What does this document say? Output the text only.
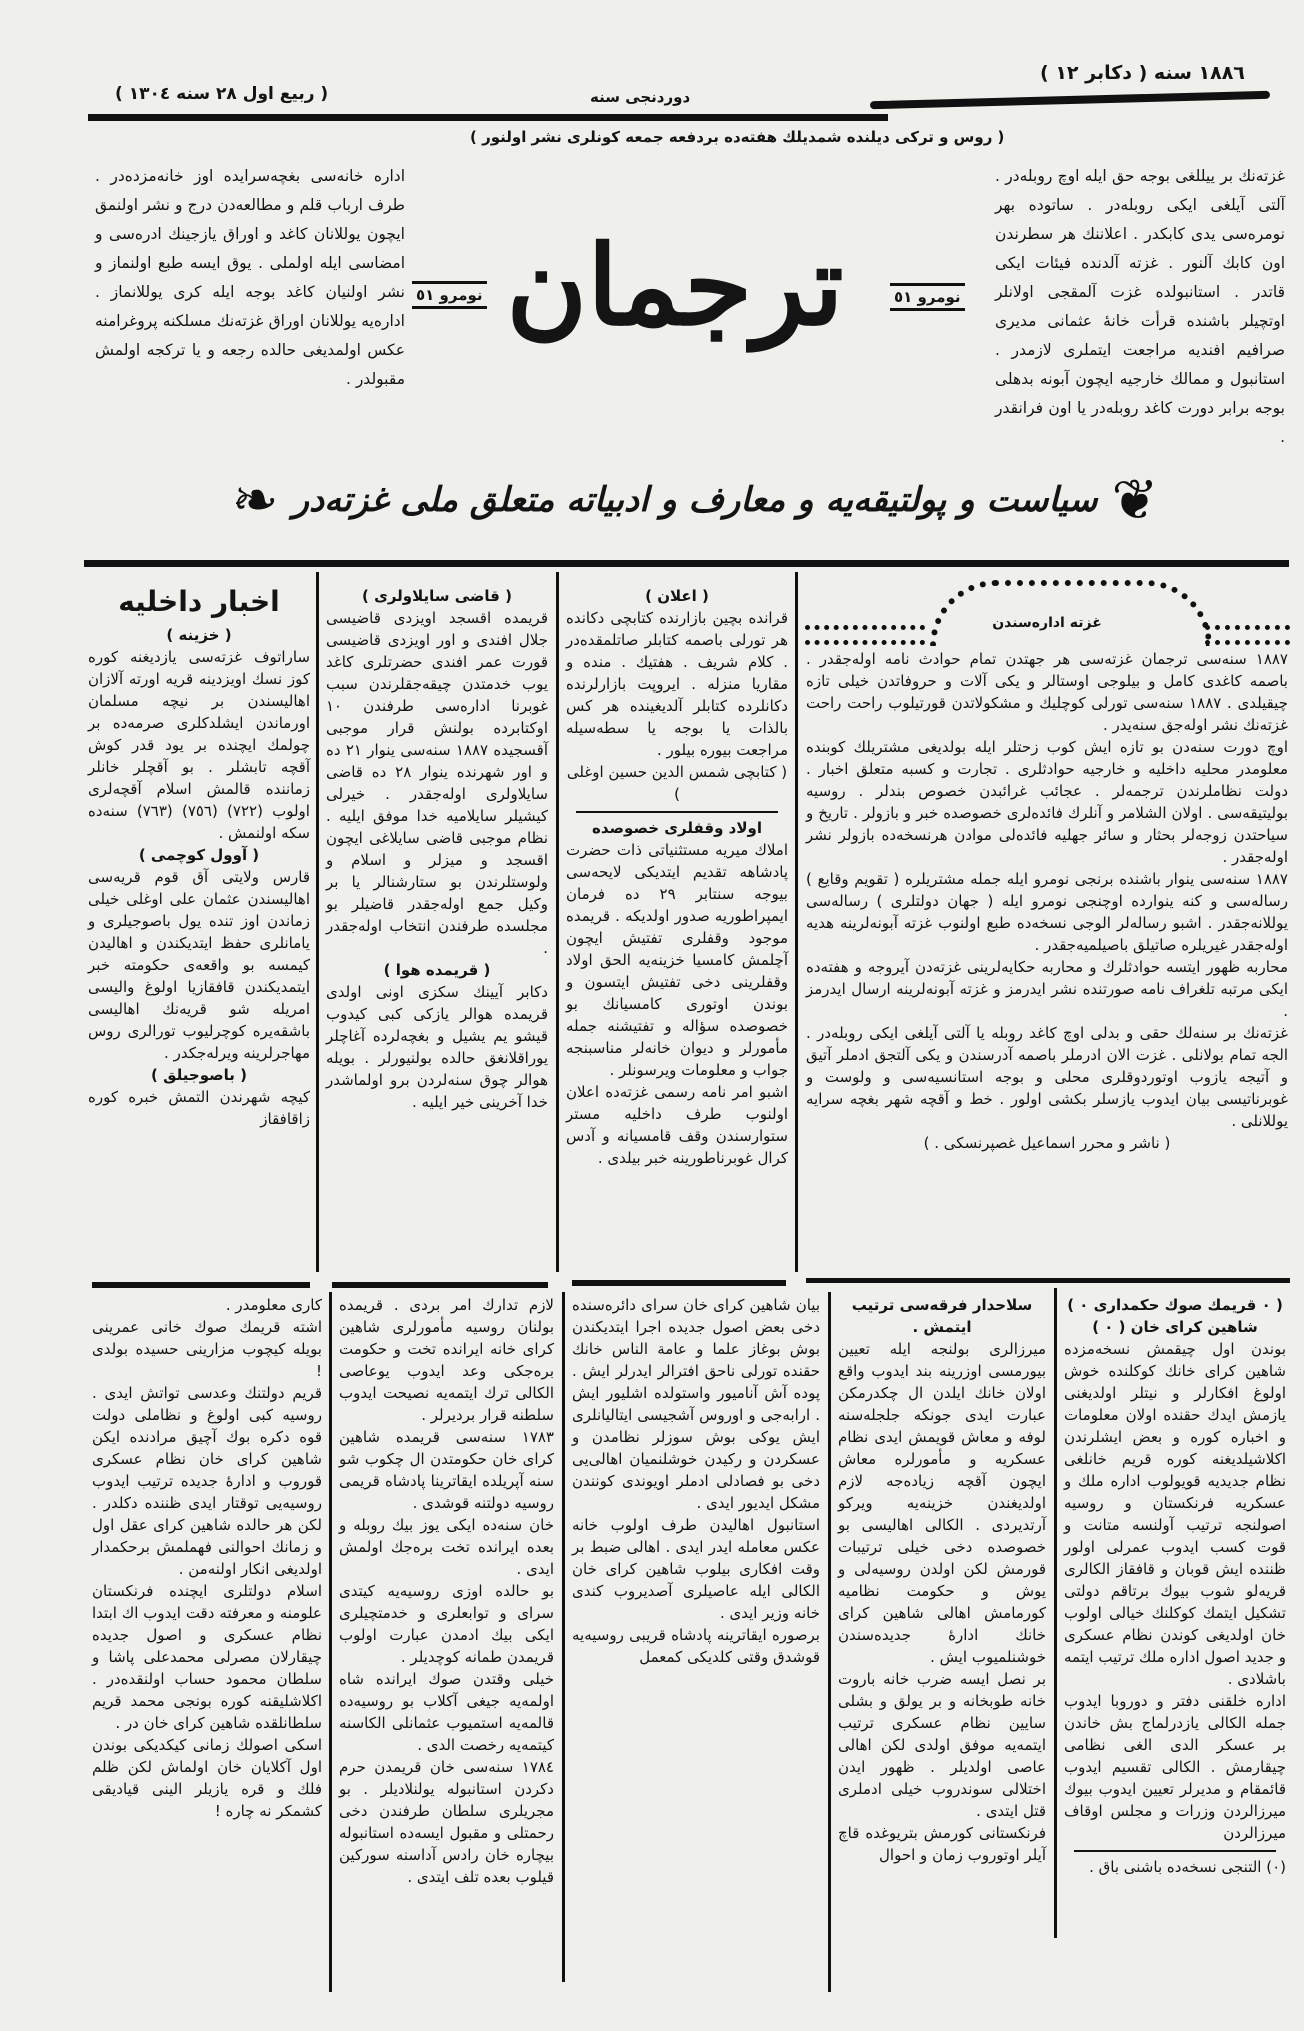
( ربیع اول ٢٨ سنه ١٣٠٤ )	دوردنجی سنه
١٨٨٦ سنه ( دکابر ١٢ )
( روس و ترکی دیلنده شمدیلك هفته‌ده بردفعه جمعه کونلری نشر اولنور )

اداره خانه‌سی بغچه‌سرایده اوز خانه‌مزده‌در . طرف ارباب قلم و مطالعه‌دن درج و نشر اولنمق ایچون یوللانان کاغد و اوراق یازجینك ادره‌سی و امضاسی ایله اولملی . یوق ایسه طبع اولنماز و نشر اولنیان کاغد بوجه ایله کری یوللانماز . اداره‌یه یوللانان اوراق غزته‌نك مسلکنه پروغرامنه عکس اولمدیغی حالده رجعه و یا ترکجه اولمش مقبولدر .

نومرو ٥١ ترجمان	نومرو ٥١

غزته‌نك بر ییللغی بوجه حق ایله اوچ روبله‌در . آلتی آیلغی ایکی روبله‌در . ساتوده بهر نومره‌سی یدی کابکدر . اعلاننك هر سطرندن اون کابك آلنور . غزته آلدنده فیئات ایکی قاتدر . استانبولده غزت آلمقجی اولانلر اوتچیلر باشنده قرأت خانهٔ عثمانی مدیری صرافیم افندیه مراجعت ایتملری لازمدر . استانبول و ممالك خارجیه ایچون آبونه بدهلی بوجه برابر دورت کاغد روبله‌در یا اون فرانقدر .

❦
سیاست و پولتیقه‌یه و معارف و ادبیاته متعلق ملی غزته‌در
❧

غزته اداره‌سندن

١٨٨٧ سنه‌سی ترجمان غزته‌سی هر جهتدن تمام حوادث نامه اوله‌جقدر . باصمه کاغدی کامل و بیلوجی اوستالر و یکی آلات و حروفاتدن خیلی تازه چیقیلدی . ١٨٨٧ سنه‌سی تورلی کوچلیك و مشکولاتدن قورتیلوب راحت راحت غزته‌نك نشر اوله‌جق سنه‌یدر .

اوچ دورت سنه‌دن بو تازه ایش کوب زحتلر ایله بولدیغی مشتریلك کوبنده معلومدر محلیه داخلیه و خارجیه حوادثلری . تجارت و کسبه متعلق اخبار . دولت نظاملرندن ترجمه‌لر . عجائب غرائبدن خصوص بندلر . روسیه بولیتیقه‌سی . اولان الشلامر و آنلرك فائده‌لری خصوصده خبر و بازولر . تاریخ و سیاحتدن زوجه‌لر بحثار و سائر جهلیه فائده‌لی موادن هرنسخه‌ده بازولر نشر اوله‌جقدر .

١٨٨٧ سنه‌سی ینوار باشنده برنجی نومرو ایله جمله مشتریلره ( تقویم وقایع ) رساله‌سی و کنه ینوارده اوچنجی نومرو ایله ( جهان دولتلری ) رساله‌سی یوللانه‌جقدر . اشبو رساله‌لر الوجی نسخه‌ده طبع اولنوب غزته آبونه‌لرینه هدیه اوله‌جقدر غیریلره صاتیلق باصیلمیه‌جقدر .

محاربه ظهور ایتسه حوادثلرك و محاربه حکایه‌لرینی غزته‌دن آیروجه و هفته‌ده ایکی مرتبه تلغراف نامه صورتنده نشر ایدرمز و غزته آبونه‌لرینه ارسال ایدرمز .

غزته‌نك بر سنه‌لك حقی و بدلی اوچ کاغد روبله یا آلتی آیلغی ایکی روبله‌در . الجه تمام بولانلی . غزت الان ادرملر باصمه آدرسندن و یکی آلتجق ادملر آتیق و آتیجه یازوب اوتوردوقلری محلی و بوجه استانسیه‌سی و ولوست و غوبرناتیسی بیان ایدوب یازسلر بکشی اولور . خط و آقچه شهر بغچه سرایه یوللانلی .

( ناشر و محرر اسماعیل غصپرنسکی . )

( اعلان )

قرانده بچین بازارنده کتابچی دکانده هر تورلی باصمه کتابلر صاتلمقده‌در . کلام شریف . هفتیك . منده و مقاریا منزله . ایروپت بازارلرنده دکانلرده کتابلر آلدیغینده هر کس بالذات یا بوجه یا سطه‌سیله مراجعت بیوره بیلور .

( کتابچی شمس الدین حسین اوغلی )

اولاد وقفلری خصوصده

املاك میریه مستثنیاتی ذات حضرت پادشاهه تقدیم ایتدیکی لایحه‌سی بیوجه سنتابر ٢٩ ده فرمان ایمپراطوریه صدور اولدیکه . قریمده موجود وقفلری تفتیش ایچون آچلمش کامسیا خزینه‌یه الحق اولاد وقفلرینی دخی تفتیش ایتسون و بوندن اوتوری کامسیانك بو خصوصده سؤاله و تفتیشنه جمله مأمورلر و دیوان خانه‌لر مناسبنجه جواب و معلومات ویرسونلر .

اشبو امر نامه رسمی غزته‌ده اعلان اولنوب طرف داخلیه مستر ستوارسندن وقف قامسیانه و آدس کرال غوبرناطورینه خبر بیلدی .

( قاضی سایلاولری )

قریمده اقسجد اویزدی قاضیسی جلال افندی و اور اویزدی قاضیسی قورت عمر افندی حضرتلری کاغد یوب خدمتدن چیقه‌جقلرندن سبب غوبرنا اداره‌سی طرفندن ١٠ اوکتابرده بولنش قرار موجبی آقسجیده ١٨٨٧ سنه‌سی ینوار ٢١ ده و اور شهرنده ینوار ٢٨ ده قاضی سایلاولری اوله‌جقدر . خیرلی کیشیلر سایلامیه خدا موفق ایلیه . نظام موجبی قاضی سایلاغی ایچون اقسجد و میزلر و اسلام و ولوستلرندن بو ستارشنالر یا بر وکیل جمع اوله‌جقدر قاضیلر بو مجلسده طرفندن انتخاب اوله‌جقدر .

( قریمده هوا )

دکابر آیینك سکزی اونی اولدی قریمده هوالر یازکی کبی کیدوب قیشو یم یشیل و بغچه‌لرده آغاچلر یوراقلانغق حالده بولنیورلر . بویله هوالر چوق سنه‌لردن برو اولماشدر خدا آخرینی خیر ایلیه .

اخبار داخلیه

( خزینه )

ساراتوف غزته‌سی یازدیغنه کوره کوز نسك اویزدینه قریه اورته آلازان اهالیسندن بر نیچه مسلمان اورماندن ایشلدکلری صرمه‌ده بر چولمك ایچنده بر یود قدر کوش آقچه تابشلر . بو آقچلر خانلر زماننده قالمش اسلام آقچه‌لری اولوب (٧٢٢) (٧٥٦) (٧٦٣) سنه‌ده سکه اولنمش .

( آوول کوچمی )

قارس ولایتی آق قوم قریه‌سی اهالیسندن عثمان علی اوغلی خیلی زماندن اوز تنده یول باصوجیلری و یامانلری حفظ ایتدیکندن و اهالیدن کیمسه بو واقعه‌ی حکومته خبر ایتمدیکندن قافقازیا اولوغ والیسی امریله شو قریه‌نك اهالیسی باشقه‌یره کوچرلیوب تورالری روس مهاجرلرینه ویرله‌جکدر .

( باصوجیلق )

کیچه شهرندن التمش خبره کوره زاقافقاز

( ٠ قریمك صوك حکمداری ٠ )

شاهین کرای خان ( ٠ )

بوندن اول چیقمش نسخه‌مزده شاهین کرای خانك کوکلنده خوش اولوغ افکارلر و نیتلر اولدیغنی یازمش ایدك حقنده اولان معلومات و اخباره کوره و بعض ایشلرندن اکلاشیلدیغنه کوره قریم خانلغی نظام جدیدیه قویولوب اداره ملك و عسکریه فرنکستان و روسیه اصولنجه ترتیب آولنسه متانت و قوت کسب ایدوب عمرلی اولور ظننده ایش قوبان و قافقاز الکالری قریه‌لو شوب بیوك برتاقم دولتی تشکیل ایتمك کوکلنك خیالی اولوب خان اولدیغی کوندن نظام عسکری و جدید اصول اداره ملك ترتیب ایتمه باشلادی .

اداره خلقنی دفتر و دوروبا ایدوب جمله الکالی یازدرلماج بش خاندن بر عسکر الدی الغی نظامی چیقارمش . الکالی تقسیم ایدوب قائمقام و مدیرلر تعیین ایدوب بیوك میرزالردن وزرات و مجلس اوقاف میرزالردن

(٠) التنجی نسخه‌ده باشنی باق .

سلاحدار فرقه‌سی ترتیب ایتمش .

میرزالری بولنجه ایله تعیین بیورمسی اوزرینه بند ایدوب واقع اولان خانك ایلدن ال چکدرمکن عبارت ایدی جونکه جلجله‌سنه لوفه و معاش قویمش ایدی نظام عسکریه و مأمورلره معاش ایچون آقچه زیاده‌جه لازم اولدیغندن خزینه‌یه ویرکو آرتدیردی . الکالی اهالیسی بو خصوصده دخی خیلی ترتیبات قورمش لکن اولدن روسیه‌لی و یوش و حکومت نظامیه کورمامش اهالی شاهین کرای خانك ادارهٔ جدیده‌سندن خوشنلمیوب ایش .

بر نصل ایسه ضرب خانه باروت خانه طوبخانه و بر یولق و بشلی سایین نظام عسکری ترتیب ایتمه‌یه موفق اولدی لکن اهالی عاصی اولدیلر . ظهور ایدن اختلالی سوندروب خیلی ادملری قتل ایتدی .

فرنکستانی کورمش بتریوغده قاچ آیلر اوتوروب زمان و احوال

بیان شاهین کرای خان سرای دائره‌سنده دخی بعض اصول جدیده اجرا ایتدیکندن بوش بوغاز علما و عامة الناس خانك حقنده تورلی ناحق افترالر ایدرلر ایش . پوده آش آنامیور واستولده اشلیور ایش . ارابه‌جی و اوروس آشجیسی ایتالیانلری ایش یوکی بوش سوزلر نظامدن و عسکردن و رکیدن خوشلنمیان اهالی‌یی دخی بو فصادلی ادملر اویوندی کونندن مشکل ایدیور ایدی .

استانبول اهالیدن طرف اولوب خانه عکس معامله ایدر ایدی . اهالی ضبط بر وقت افکاری بیلوب شاهین کرای خان الکالی ایله عاصیلری آصدیروب کندی خانه وزیر ایدی .

برصوره ایقاترینه پادشاه قریبی روسیه‌یه قوشدق وقتی کلدیکی کمعمل

لازم تدارك امر بردی . قریمده بولنان روسیه مأمورلری شاهین کرای خانه ایرانده تخت و حکومت بره‌جکی وعد ایدوب یوعاصی الکالی ترك ایتمه‌یه نصیحت ایدوب سلطنه قرار بردیرلر .

١٧٨٣ سنه‌سی قریمده شاهین کرای خان حکومتدن ال چکوب شو سنه آپریلده ایقاترینا پادشاه قریمی روسیه دولتنه قوشدی .

خان سنه‌ده ایکی یوز بیك روبله و بعده ایرانده تخت بره‌جك اولمش ایدی .

بو حالده اوزی روسیه‌یه کیتدی سرای و توابعلری و خدمتچیلری ایکی بیك ادمدن عبارت اولوب قریمدن طمانه کوچدیلر .

خیلی وقتدن صوك ایرانده شاه اولمه‌یه جیغی آکلاب بو روسیه‌ده قالمه‌یه استمیوب عثمانلی الکاسنه کیتمه‌یه رخصت الدی .

١٧٨٤ سنه‌سی خان قریمدن حرم دکردن استانبوله یولنلادیلر . بو مجریلری سلطان طرفندن دخی رحمتلی و مقبول ایسه‌ده استانبوله بیچاره خان رادس آداسنه سورکین قیلوب بعده تلف ایتدی .

کاری معلومدر .

اشته قریمك صوك خانی عمرینی بویله کیچوب مزارینی حسیده بولدی !

قریم دولتنك وعدسی تواتش ایدی . روسیه کبی اولوغ و نظاملی دولت قوه دکره بوك آچیق مرادنده ایکن شاهین کرای خان نظام عسکری قوروب و ادارهٔ جدیده ترتیب ایدوب روسیه‌یی توقتار ایدی ظننده دکلدر . لکن هر حالده شاهین کرای عقل اول و زمانك احوالنی فهملمش برحکمدار اولدیغی انکار اولنه‌من .

اسلام دولتلری ایچنده فرنکستان علومنه و معرفته دقت ایدوب اك ابتدا نظام عسکری و اصول جدیده چیقارلان مصرلی محمدعلی پاشا و سلطان محمود حساب اولنقده‌در . اکلاشلیقنه کوره بونجی محمد قریم سلطانلقده شاهین کرای خان در .

اسکی اصولك زمانی کیکدیکی بوندن اول آکلایان خان اولماش لکن ظلم فلك و قره یازیلر الینی قیادیقی کشمکر نه چاره !
